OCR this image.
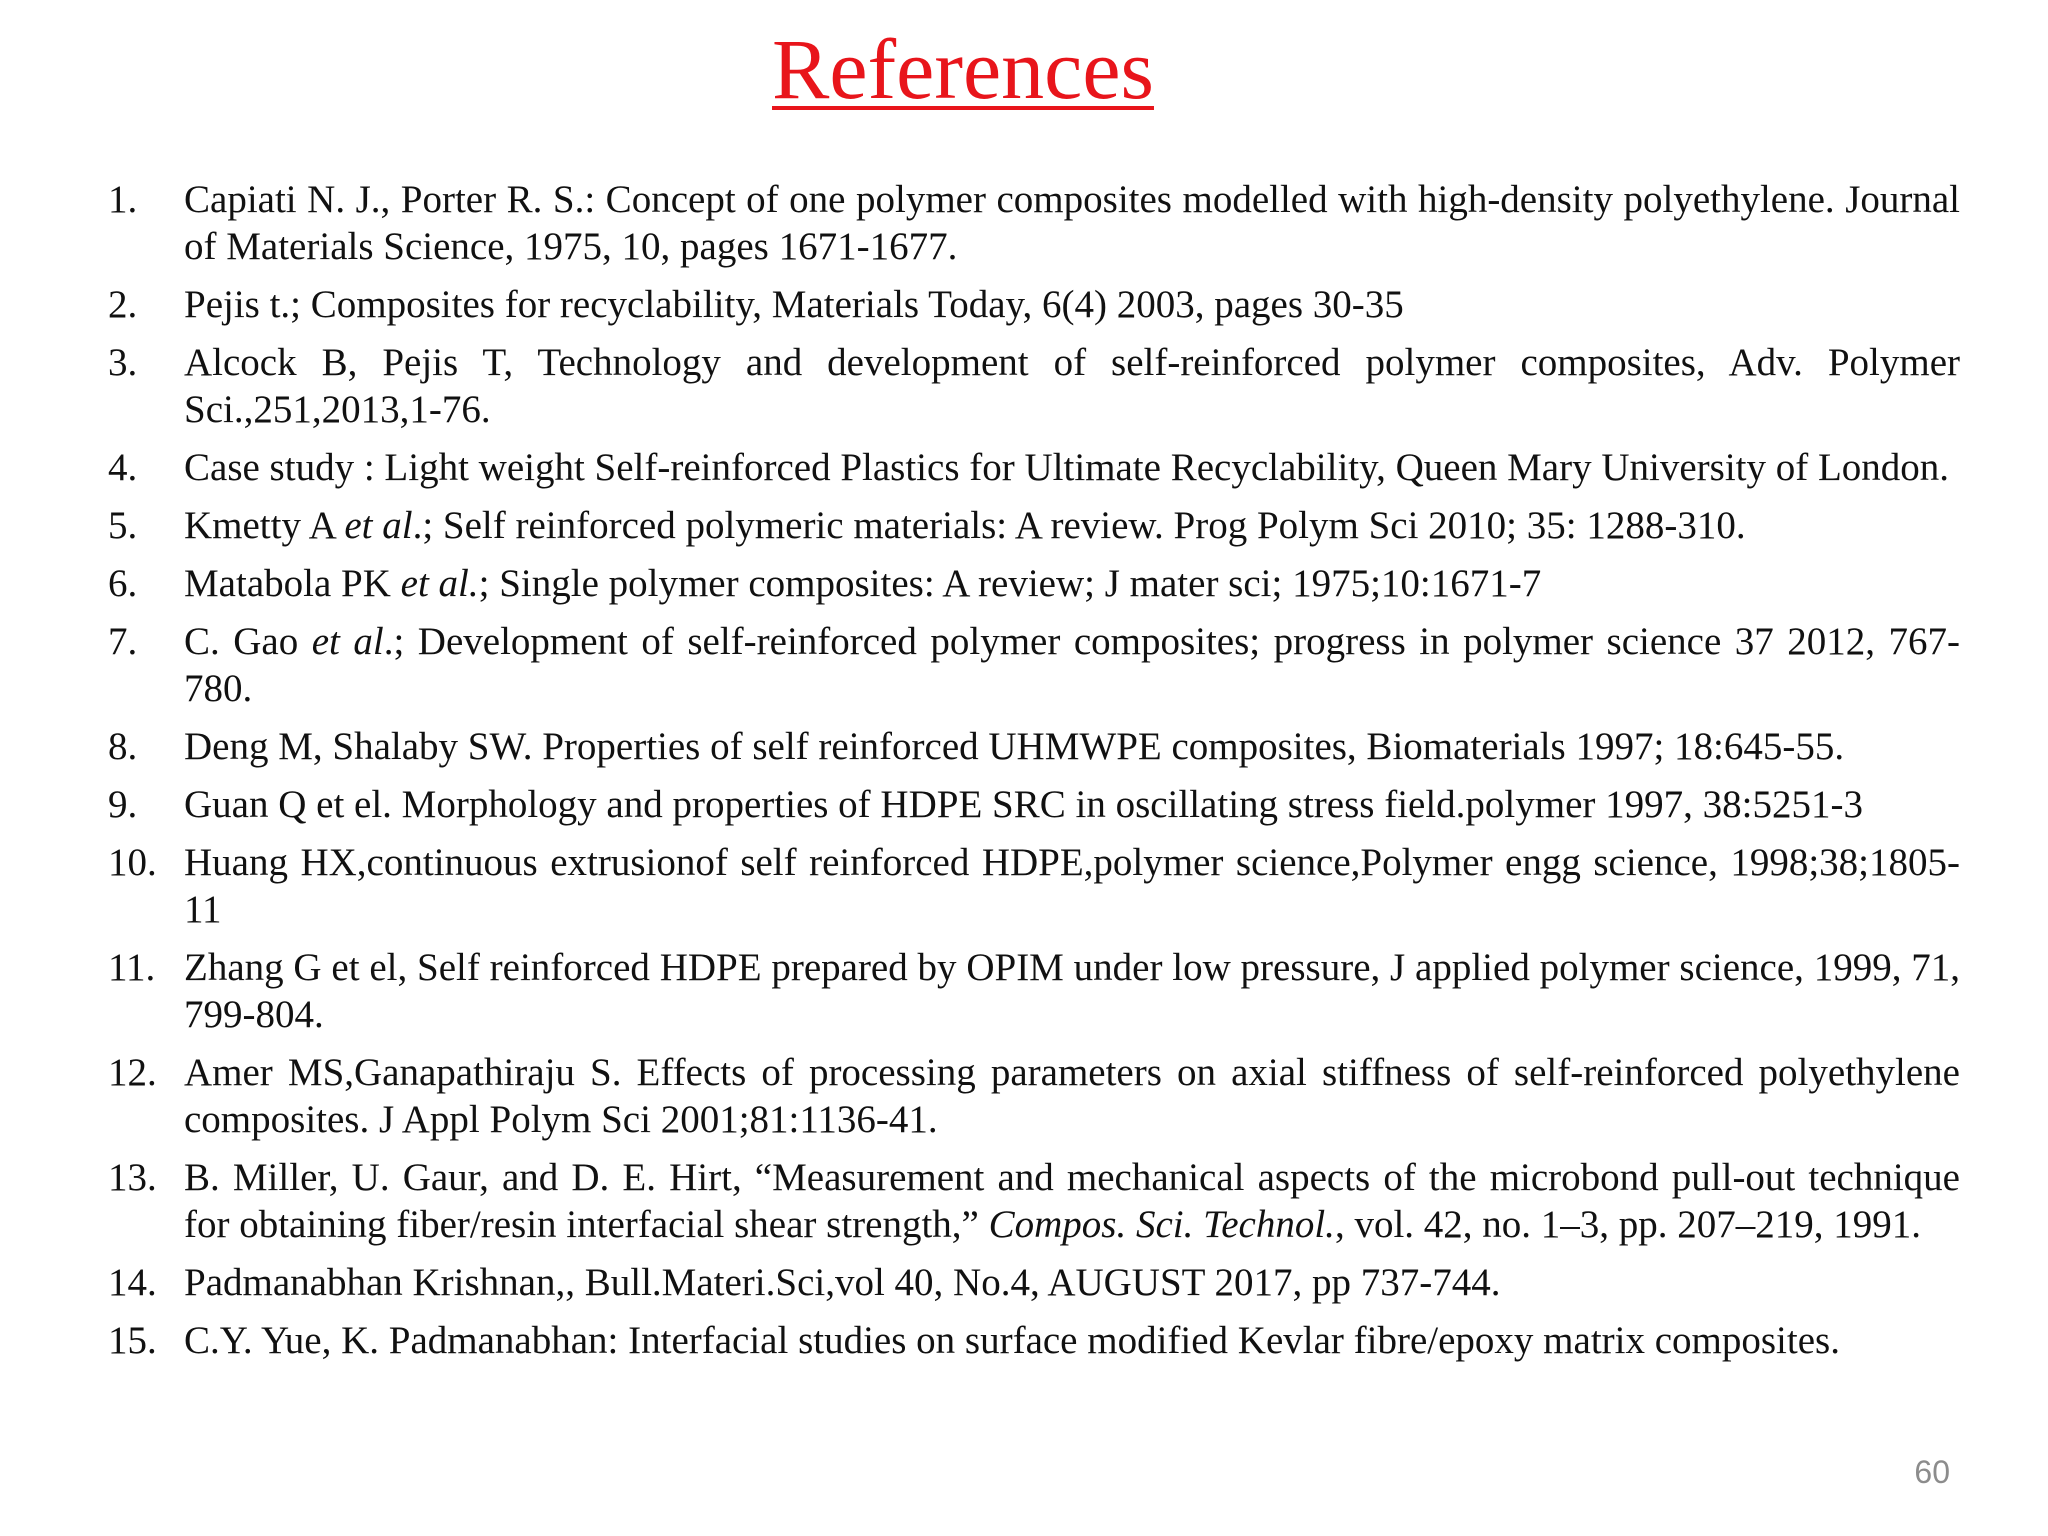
References
1.	Capiati N. J., Porter R. S.: Concept of one polymer composites modelled with high-density polyethylene. Journal of Materials Science, 1975, 10, pages 1671-1677.
2.	Pejis t.; Composites for recyclability, Materials Today, 6(4) 2003, pages 30-35
3.	Alcock B, Pejis T, Technology and development of self-reinforced polymer composites, Adv. Polymer Sci.,251,2013,1-76.
4.	Case study : Light weight Self-reinforced Plastics for Ultimate Recyclability, Queen Mary University of London.
5.	Kmetty A et al.; Self reinforced polymeric materials: A review. Prog Polym Sci 2010; 35: 1288-310.
6.	Matabola PK et al.; Single polymer composites: A review; J mater sci; 1975;10:1671-7
7.	C. Gao et al.; Development of self-reinforced polymer composites; progress in polymer science 37 2012, 767-780.
8.	Deng M, Shalaby SW. Properties of self reinforced UHMWPE composites, Biomaterials 1997; 18:645-55.
9.	Guan Q et el. Morphology and properties of HDPE SRC in oscillating stress field.polymer 1997, 38:5251-3
10. Huang HX,continuous extrusionof self reinforced HDPE,polymer science,Polymer engg science, 1998;38;1805-11
11. Zhang G et el, Self reinforced HDPE prepared by OPIM under low pressure, J applied polymer science, 1999, 71, 799-804.
12. Amer MS,Ganapathiraju S. Effects of processing parameters on axial stiffness of self-reinforced polyethylene composites. J Appl Polym Sci 2001;81:1136-41.
13. B. Miller, U. Gaur, and D. E. Hirt, “Measurement and mechanical aspects of the microbond pull-out technique for obtaining fiber/resin interfacial shear strength,” Compos. Sci. Technol., vol. 42, no. 1–3, pp. 207–219, 1991.
14. Padmanabhan Krishnan,, Bull.Materi.Sci,vol 40, No.4, AUGUST 2017, pp 737-744.
15. C.Y. Yue, K. Padmanabhan: Interfacial studies on surface modified Kevlar fibre/epoxy matrix composites.
60
